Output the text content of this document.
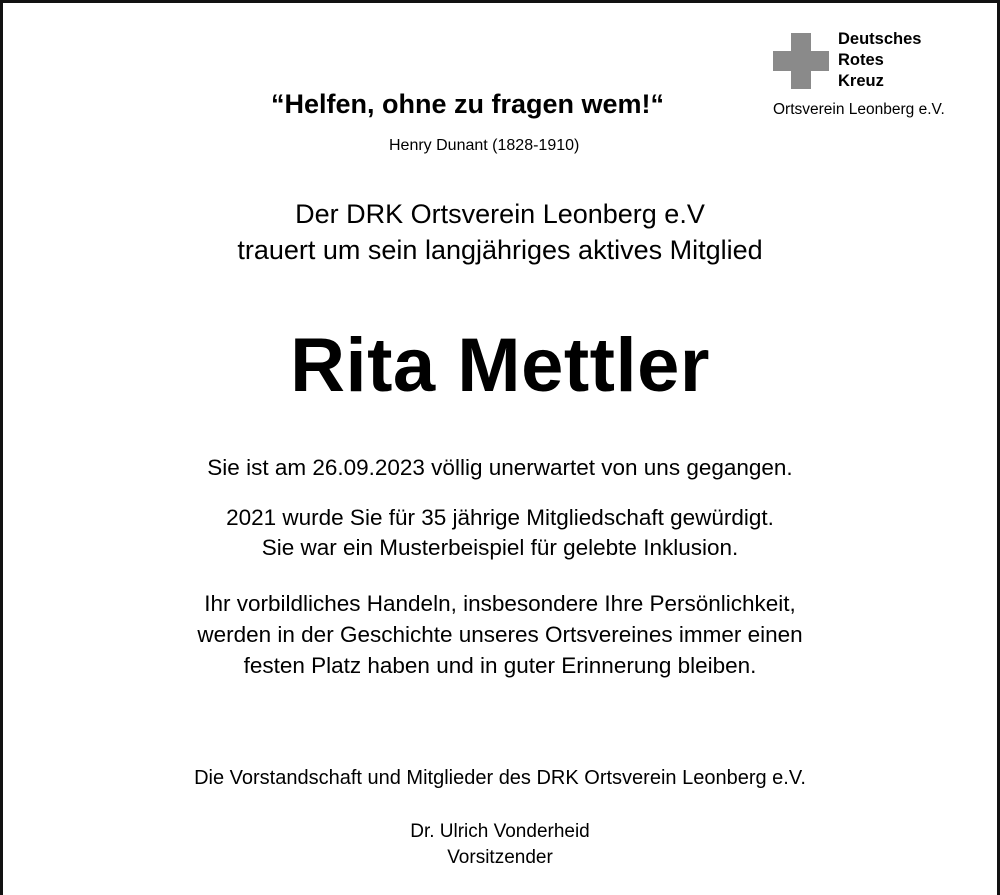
Deutsches
Rotes
Kreuz
Ortsverein Leonberg e.V.
“Helfen, ohne zu fragen wem!“
Henry Dunant (1828-1910)
Der DRK Ortsverein Leonberg e.V
trauert um sein langjähriges aktives Mitglied
Rita Mettler
Sie ist am 26.09.2023 völlig unerwartet von uns gegangen.
2021 wurde Sie für 35 jährige Mitgliedschaft gewürdigt.
Sie war ein Musterbeispiel für gelebte Inklusion.
Ihr vorbildliches Handeln, insbesondere Ihre Persönlichkeit,
werden in der Geschichte unseres Ortsvereines immer einen
festen Platz haben und in guter Erinnerung bleiben.
Die Vorstandschaft und Mitglieder des DRK Ortsverein Leonberg e.V.
Dr. Ulrich Vonderheid
Vorsitzender
